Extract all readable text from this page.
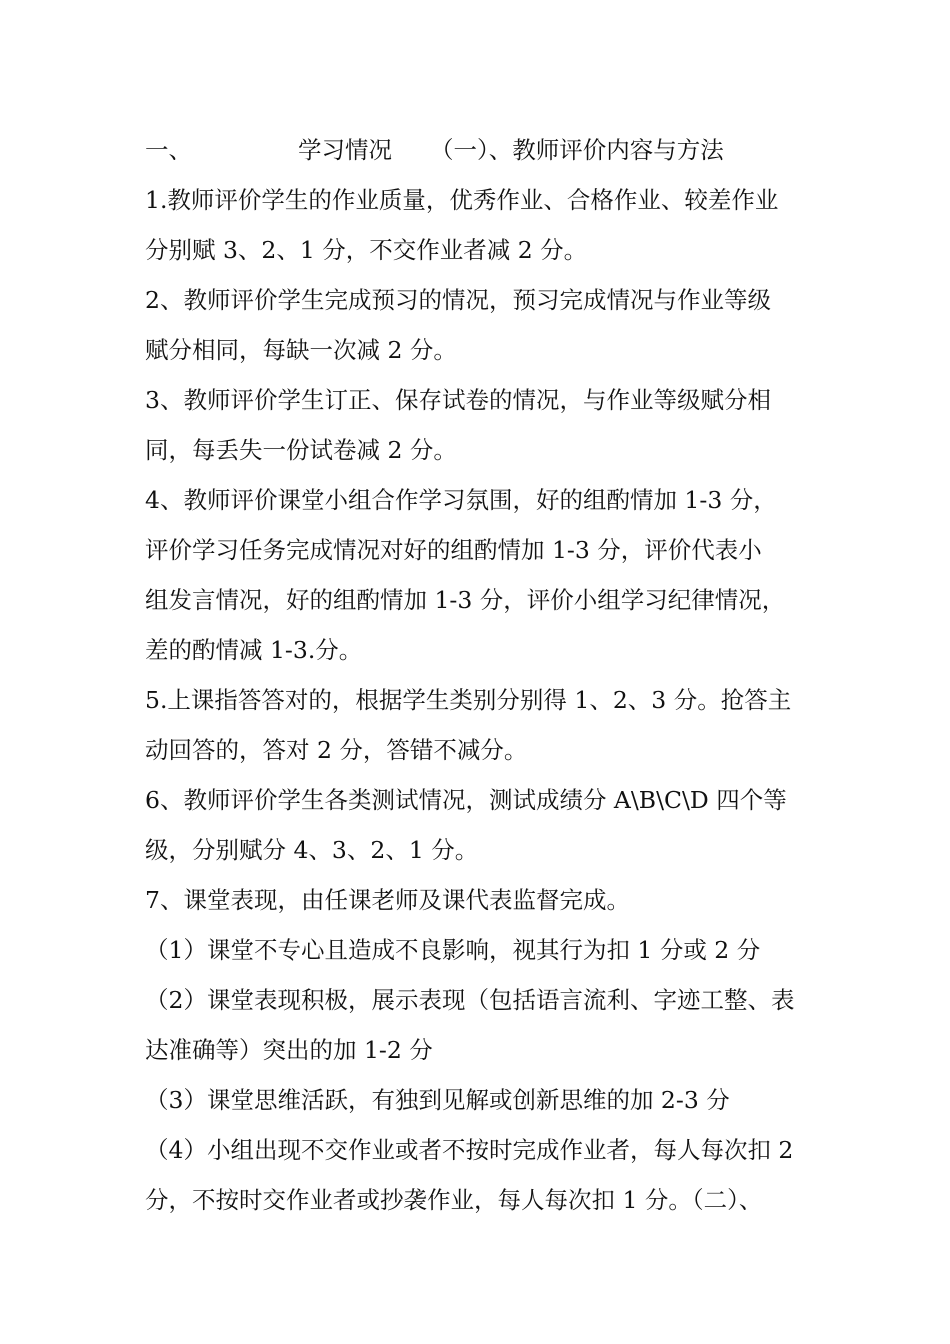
一、	学习情况 （一）、教师评价内容与方法
1.教师评价学生的作业质量，优秀作业、合格作业、较差作业
分别赋 3、2、1 分，不交作业者减 2 分。
2、教师评价学生完成预习的情况，预习完成情况与作业等级
赋分相同，每缺一次减 2 分。
3、教师评价学生订正、保存试卷的情况，与作业等级赋分相
同，每丢失一份试卷减 2 分。
4、教师评价课堂小组合作学习氛围，好的组酌情加 1-3 分，
评价学习任务完成情况对好的组酌情加 1-3 分，评价代表小
组发言情况，好的组酌情加 1-3 分，评价小组学习纪律情况，
差的酌情减 1-3.分。
5.上课指答答对的，根据学生类别分别得 1、2、3 分。抢答主
动回答的，答对 2 分，答错不减分。
6、教师评价学生各类测试情况，测试成绩分 A\B\C\D 四个等
级，分别赋分 4、3、2、1 分。
7、课堂表现，由任课老师及课代表监督完成。
（1）课堂不专心且造成不良影响，视其行为扣 1 分或 2 分
（2）课堂表现积极，展示表现（包括语言流利、字迹工整、表
达准确等）突出的加 1-2 分
（3）课堂思维活跃，有独到见解或创新思维的加 2-3 分
（4）小组出现不交作业或者不按时完成作业者，每人每次扣 2
分，不按时交作业者或抄袭作业，每人每次扣 1 分。（二）、
